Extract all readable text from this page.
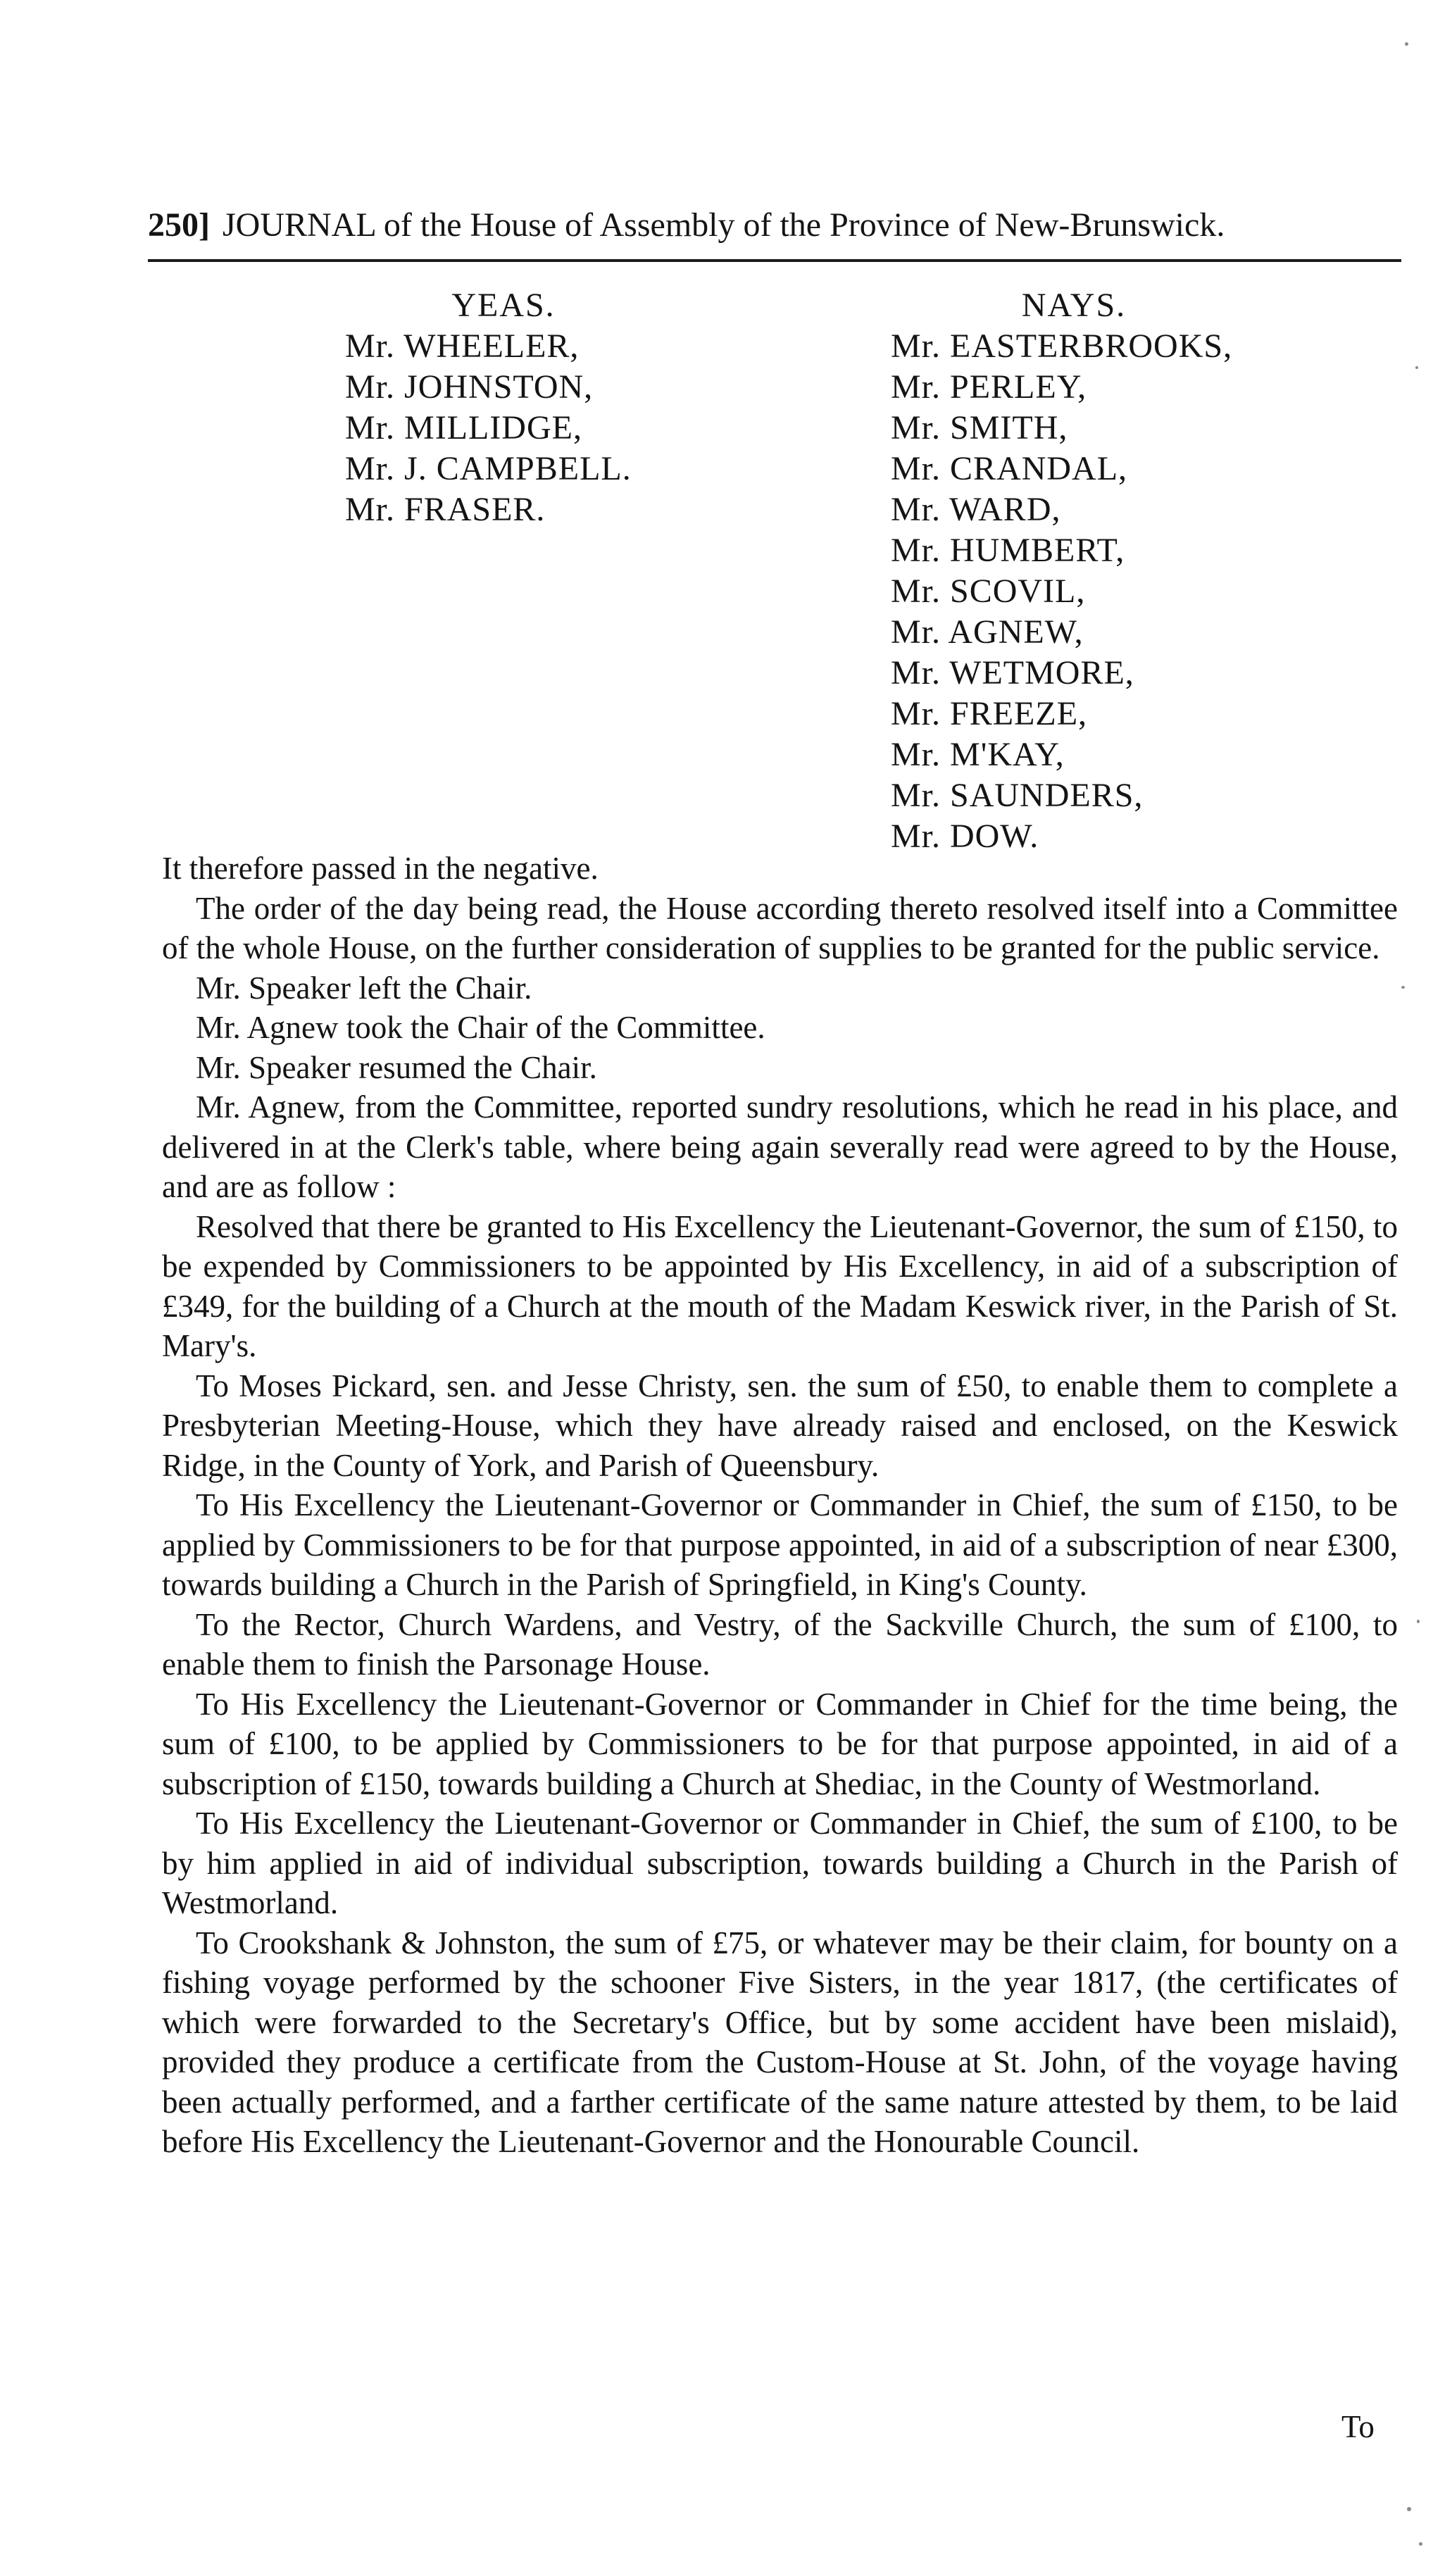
250] JOURNAL of the House of Assembly of the Province of New-Brunswick.
YEAS.
Mr. WHEELER,
Mr. JOHNSTON,
Mr. MILLIDGE,
Mr. J. CAMPBELL.
Mr. FRASER.
NAYS.
Mr. EASTERBROOKS,
Mr. PERLEY,
Mr. SMITH,
Mr. CRANDAL,
Mr. WARD,
Mr. HUMBERT,
Mr. SCOVIL,
Mr. AGNEW,
Mr. WETMORE,
Mr. FREEZE,
Mr. M'KAY,
Mr. SAUNDERS,
Mr. DOW.

It therefore passed in the negative.

The order of the day being read, the House according thereto resolved itself into a Committee of the whole House, on the further consideration of supplies to be granted for the public service.

Mr. Speaker left the Chair.

Mr. Agnew took the Chair of the Committee.

Mr. Speaker resumed the Chair.

Mr. Agnew, from the Committee, reported sundry resolutions, which he read in his place, and delivered in at the Clerk's table, where being again severally read were agreed to by the House, and are as follow :

Resolved that there be granted to His Excellency the Lieutenant-Governor, the sum of £150, to be expended by Commissioners to be appointed by His Excellency, in aid of a subscription of £349, for the building of a Church at the mouth of the Madam Keswick river, in the Parish of St. Mary's.

To Moses Pickard, sen. and Jesse Christy, sen. the sum of £50, to enable them to complete a Presbyterian Meeting-House, which they have already raised and enclosed, on the Keswick Ridge, in the County of York, and Parish of Queensbury.

To His Excellency the Lieutenant-Governor or Commander in Chief, the sum of £150, to be applied by Commissioners to be for that purpose appointed, in aid of a subscription of near £300, towards building a Church in the Parish of Springfield, in King's County.

To the Rector, Church Wardens, and Vestry, of the Sackville Church, the sum of £100, to enable them to finish the Parsonage House.

To His Excellency the Lieutenant-Governor or Commander in Chief for the time being, the sum of £100, to be applied by Commissioners to be for that purpose appointed, in aid of a subscription of £150, towards building a Church at Shediac, in the County of Westmorland.

To His Excellency the Lieutenant-Governor or Commander in Chief, the sum of £100, to be by him applied in aid of individual subscription, towards building a Church in the Parish of Westmorland.

To Crookshank & Johnston, the sum of £75, or whatever may be their claim, for bounty on a fishing voyage performed by the schooner Five Sisters, in the year 1817, (the certificates of which were forwarded to the Secretary's Office, but by some accident have been mislaid), provided they produce a certificate from the Custom-House at St. John, of the voyage having been actually performed, and a farther certificate of the same nature attested by them, to be laid before His Excellency the Lieutenant-Governor and the Honourable Council.

To
